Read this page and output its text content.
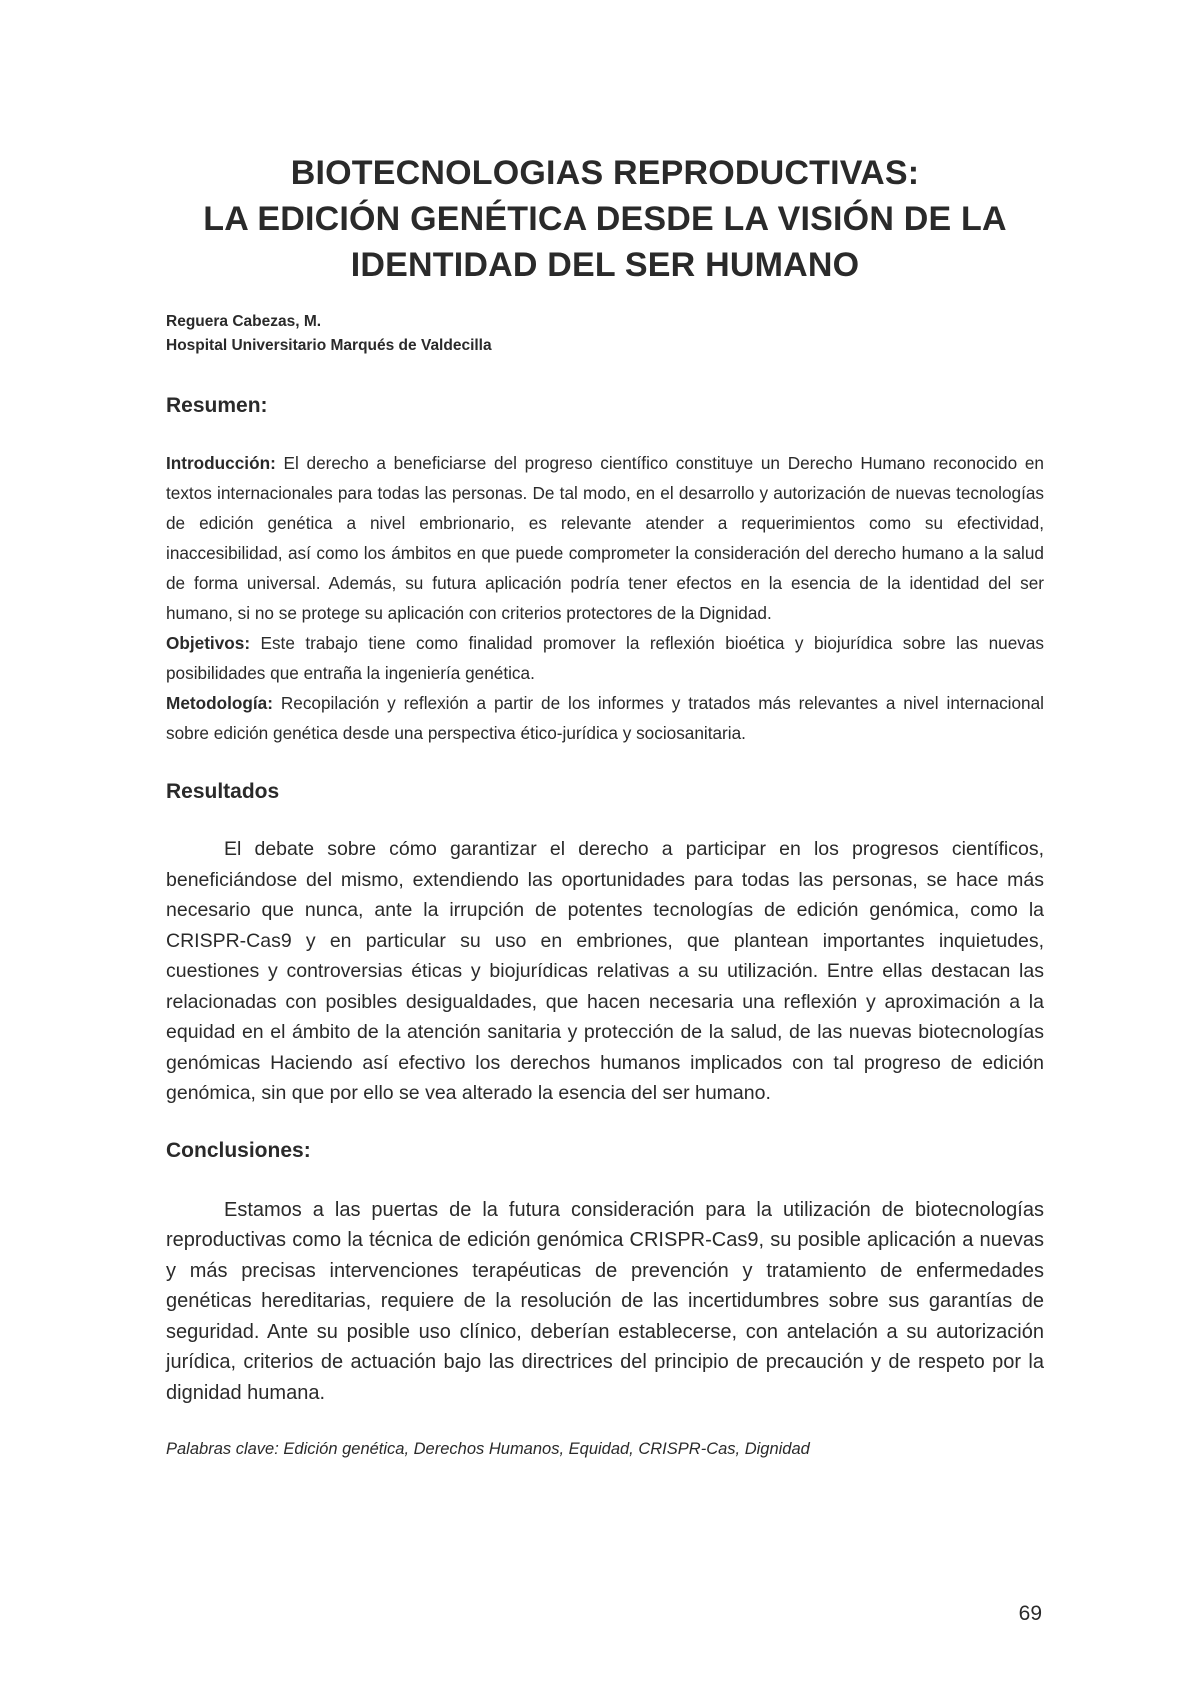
BIOTECNOLOGIAS REPRODUCTIVAS:
LA EDICIÓN GENÉTICA DESDE LA VISIÓN DE LA
IDENTIDAD DEL SER HUMANO

Reguera Cabezas, M.

Hospital Universitario Marqués de Valdecilla

Resumen:

Introducción: El derecho a beneficiarse del progreso científico constituye un Derecho Humano reconocido en textos internacionales para todas las personas. De tal modo, en el desarrollo y autorización de nuevas tecnologías de edición genética a nivel embrionario, es relevante atender a requerimientos como su efectividad, inaccesibilidad, así como los ámbitos en que puede comprometer la consideración del derecho humano a la salud de forma universal. Además, su futura aplicación podría tener efectos en la esencia de la identidad del ser humano, si no se protege su aplicación con criterios protectores de la Dignidad.

Objetivos: Este trabajo tiene como finalidad promover la reflexión bioética y biojurídica sobre las nuevas posibilidades que entraña la ingeniería genética.

Metodología: Recopilación y reflexión a partir de los informes y tratados más relevantes a nivel internacional sobre edición genética desde una perspectiva ético-jurídica y sociosanitaria.

Resultados

El debate sobre cómo garantizar el derecho a participar en los progresos científicos, beneficiándose del mismo, extendiendo las oportunidades para todas las personas, se hace más necesario que nunca, ante la irrupción de potentes tecnologías de edición genómica, como la CRISPR-Cas9 y en particular su uso en embriones, que plantean importantes inquietudes, cuestiones y controversias éticas y biojurídicas relativas a su utilización. Entre ellas destacan las relacionadas con posibles desigualdades, que hacen necesaria una reflexión y aproximación a la equidad en el ámbito de la atención sanitaria y protección de la salud, de las nuevas biotecnologías genómicas Haciendo así efectivo los derechos humanos implicados con tal progreso de edición genómica, sin que por ello se vea alterado la esencia del ser humano.

Conclusiones:

Estamos a las puertas de la futura consideración para la utilización de biotecnologías reproductivas como la técnica de edición genómica CRISPR-Cas9, su posible aplicación a nuevas y más precisas intervenciones terapéuticas de prevención y tratamiento de enfermedades genéticas hereditarias, requiere de la resolución de las incertidumbres sobre sus garantías de seguridad. Ante su posible uso clínico, deberían establecerse, con antelación a su autorización jurídica, criterios de actuación bajo las directrices del principio de precaución y de respeto por la dignidad humana.

Palabras clave: Edición genética, Derechos Humanos, Equidad, CRISPR-Cas, Dignidad

69
